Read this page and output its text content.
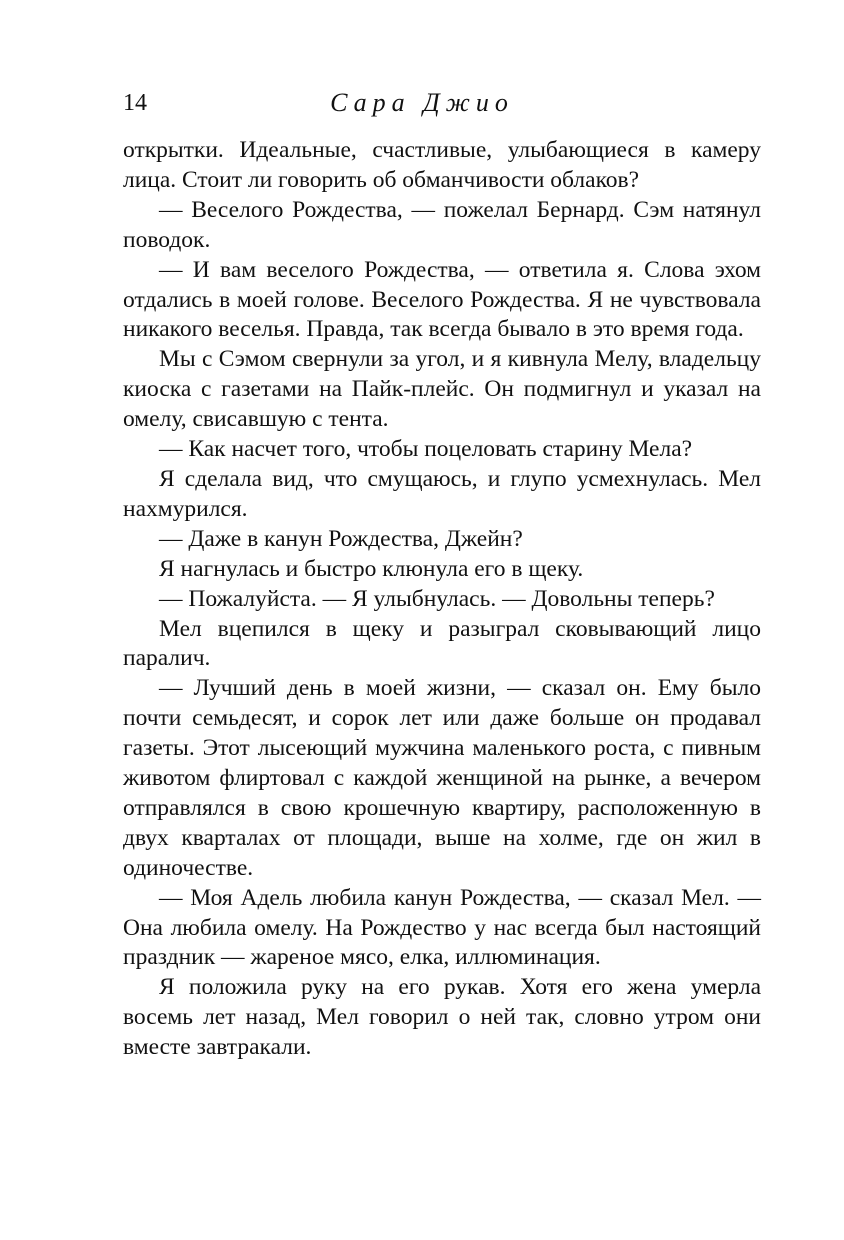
14	Сара Джио

открытки. Идеальные, счастливые, улыбающиеся в камеру лица. Стоит ли говорить об обманчивости облаков?

— Веселого Рождества, — пожелал Бернард. Сэм натянул поводок.

— И вам веселого Рождества, — ответила я. Слова эхом отдались в моей голове. Веселого Рождества. Я не чувствовала никакого веселья. Правда, так всегда бывало в это время года.

Мы с Сэмом свернули за угол, и я кивнула Мелу, владельцу киоска с газетами на Пайк-плейс. Он подмигнул и указал на омелу, свисавшую с тента.

— Как насчет того, чтобы поцеловать старину Мела?

Я сделала вид, что смущаюсь, и глупо усмехнулась. Мел нахмурился.

— Даже в канун Рождества, Джейн?

Я нагнулась и быстро клюнула его в щеку.

— Пожалуйста. — Я улыбнулась. — Довольны теперь?

Мел вцепился в щеку и разыграл сковывающий лицо паралич.

— Лучший день в моей жизни, — сказал он. Ему было почти семьдесят, и сорок лет или даже больше он продавал газеты. Этот лысеющий мужчина маленького роста, с пивным животом флиртовал с каждой женщиной на рынке, а вечером отправлялся в свою крошечную квартиру, расположенную в двух кварталах от площади, выше на холме, где он жил в одиночестве.

— Моя Адель любила канун Рождества, — сказал Мел. — Она любила омелу. На Рождество у нас всегда был настоящий праздник — жареное мясо, елка, иллюминация.

Я положила руку на его рукав. Хотя его жена умерла восемь лет назад, Мел говорил о ней так, словно утром они вместе завтракали.
